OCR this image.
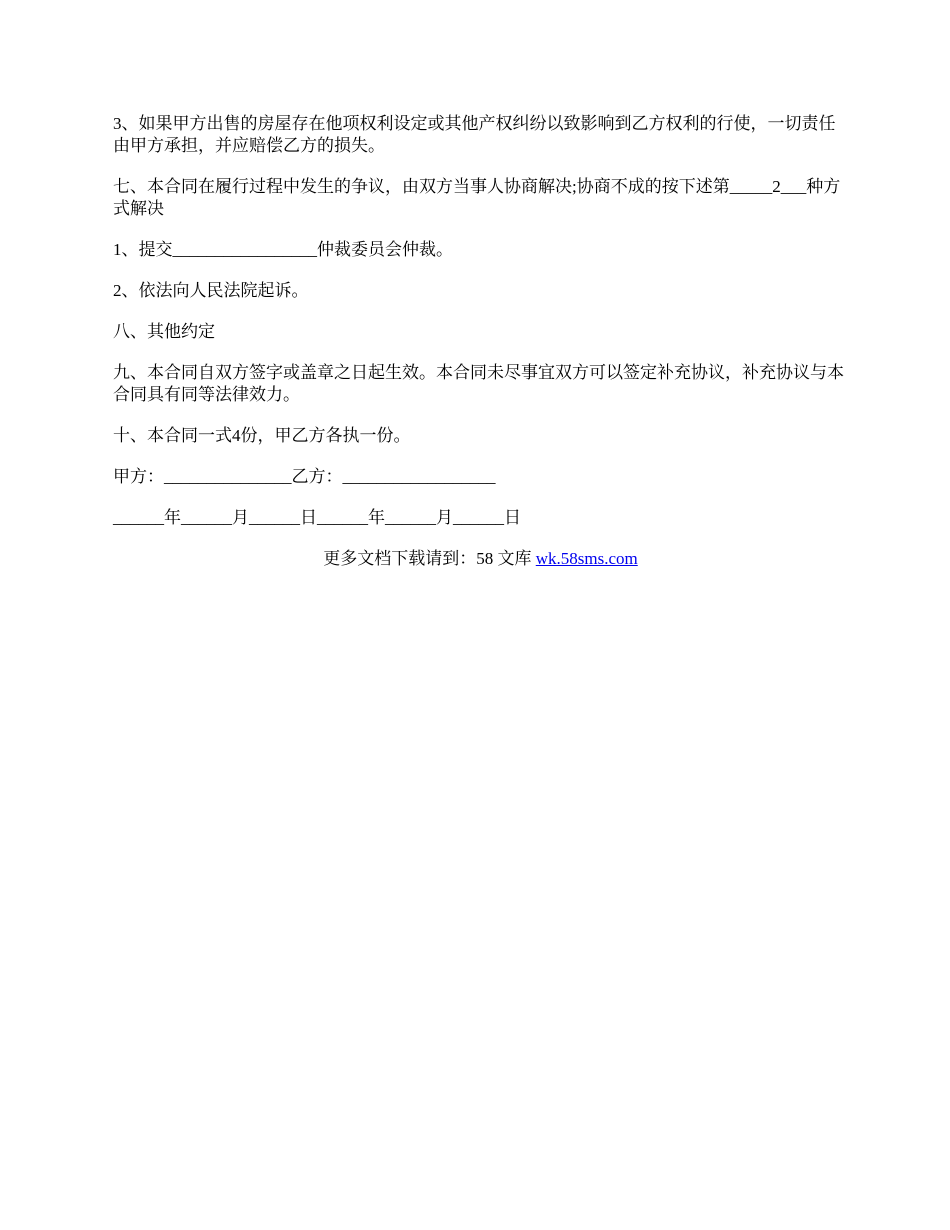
3、如果甲方出售的房屋存在他项权利设定或其他产权纠纷以致影响到乙方权利的行使，一切责任由甲方承担，并应赔偿乙方的损失。

七、本合同在履行过程中发生的争议，由双方当事人协商解决;协商不成的按下述第_____2___种方式解决

1、提交_________________仲裁委员会仲裁。

2、依法向人民法院起诉。

八、其他约定

九、本合同自双方签字或盖章之日起生效。本合同未尽事宜双方可以签定补充协议，补充协议与本合同具有同等法律效力。

十、本合同一式4份，甲乙方各执一份。

甲方：_______________乙方：__________________

______年______月______日______年______月______日

更多文档下载请到：58 文库 wk.58sms.com
